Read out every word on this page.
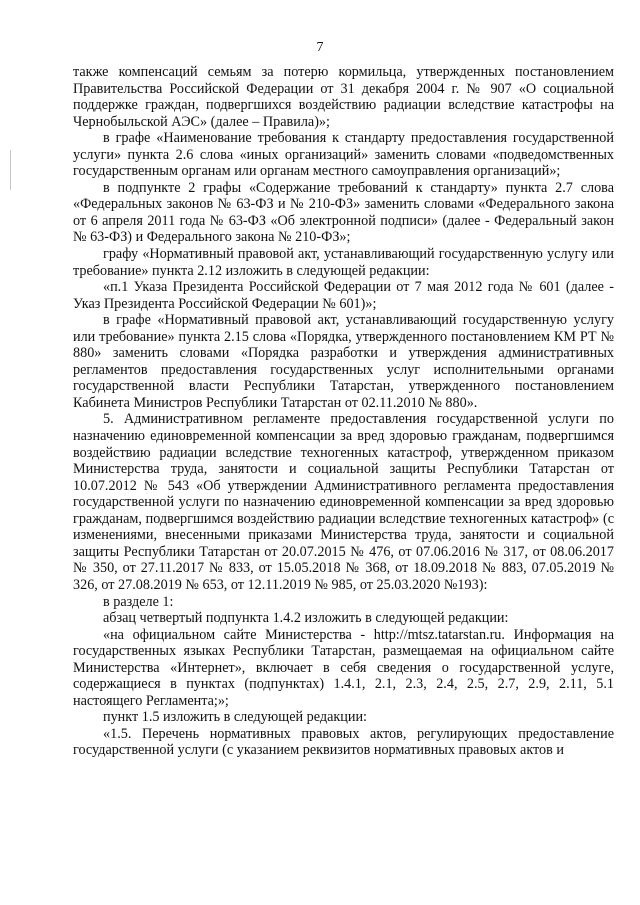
7

также компенсаций семьям за потерю кормильца, утвержденных постановлением Правительства Российской Федерации от 31 декабря 2004 г. № 907 «О социальной поддержке граждан, подвергшихся воздействию радиации вследствие катастрофы на Чернобыльской АЭС» (далее – Правила)»;

в графе «Наименование требования к стандарту предоставления государственной услуги» пункта 2.6 слова «иных организаций» заменить словами «подведомственных государственным органам или органам местного самоуправления организаций»;

в подпункте 2 графы «Содержание требований к стандарту» пункта 2.7 слова «Федеральных законов № 63-ФЗ и № 210-ФЗ» заменить словами «Федерального закона от 6 апреля 2011 года № 63-ФЗ «Об электронной подписи» (далее - Федеральный закон № 63-ФЗ) и Федерального закона № 210-ФЗ»;

графу «Нормативный правовой акт, устанавливающий государственную услугу или требование» пункта 2.12 изложить в следующей редакции:

«п.1 Указа Президента Российской Федерации от 7 мая 2012 года № 601 (далее - Указ Президента Российской Федерации № 601)»;

в графе «Нормативный правовой акт, устанавливающий государственную услугу или требование» пункта 2.15 слова «Порядка, утвержденного постановлением КМ РТ № 880» заменить словами «Порядка разработки и утверждения административных регламентов предоставления государственных услуг исполнительными органами государственной власти Республики Татарстан, утвержденного постановлением Кабинета Министров Республики Татарстан от 02.11.2010 № 880».

5. Административном регламенте предоставления государственной услуги по назначению единовременной компенсации за вред здоровью гражданам, подвергшимся воздействию радиации вследствие техногенных катастроф, утвержденном приказом Министерства труда, занятости и социальной защиты Республики Татарстан от 10.07.2012 № 543 «Об утверждении Административного регламента предоставления государственной услуги по назначению единовременной компенсации за вред здоровью гражданам, подвергшимся воздействию радиации вследствие техногенных катастроф» (с изменениями, внесенными приказами Министерства труда, занятости и социальной защиты Республики Татарстан от 20.07.2015 № 476, от 07.06.2016 № 317, от 08.06.2017 № 350, от 27.11.2017 № 833, от 15.05.2018 № 368, от 18.09.2018 № 883, 07.05.2019 № 326, от 27.08.2019 № 653, от 12.11.2019 № 985, от 25.03.2020 №193):

в разделе 1:

абзац четвертый подпункта 1.4.2 изложить в следующей редакции:

«на официальном сайте Министерства - http://mtsz.tatarstan.ru. Информация на государственных языках Республики Татарстан, размещаемая на официальном сайте Министерства «Интернет», включает в себя сведения о государственной услуге, содержащиеся в пунктах (подпунктах) 1.4.1, 2.1, 2.3, 2.4, 2.5, 2.7, 2.9, 2.11, 5.1 настоящего Регламента;»;

пункт 1.5 изложить в следующей редакции:

«1.5. Перечень нормативных правовых актов, регулирующих предоставление государственной услуги (с указанием реквизитов нормативных правовых актов и
